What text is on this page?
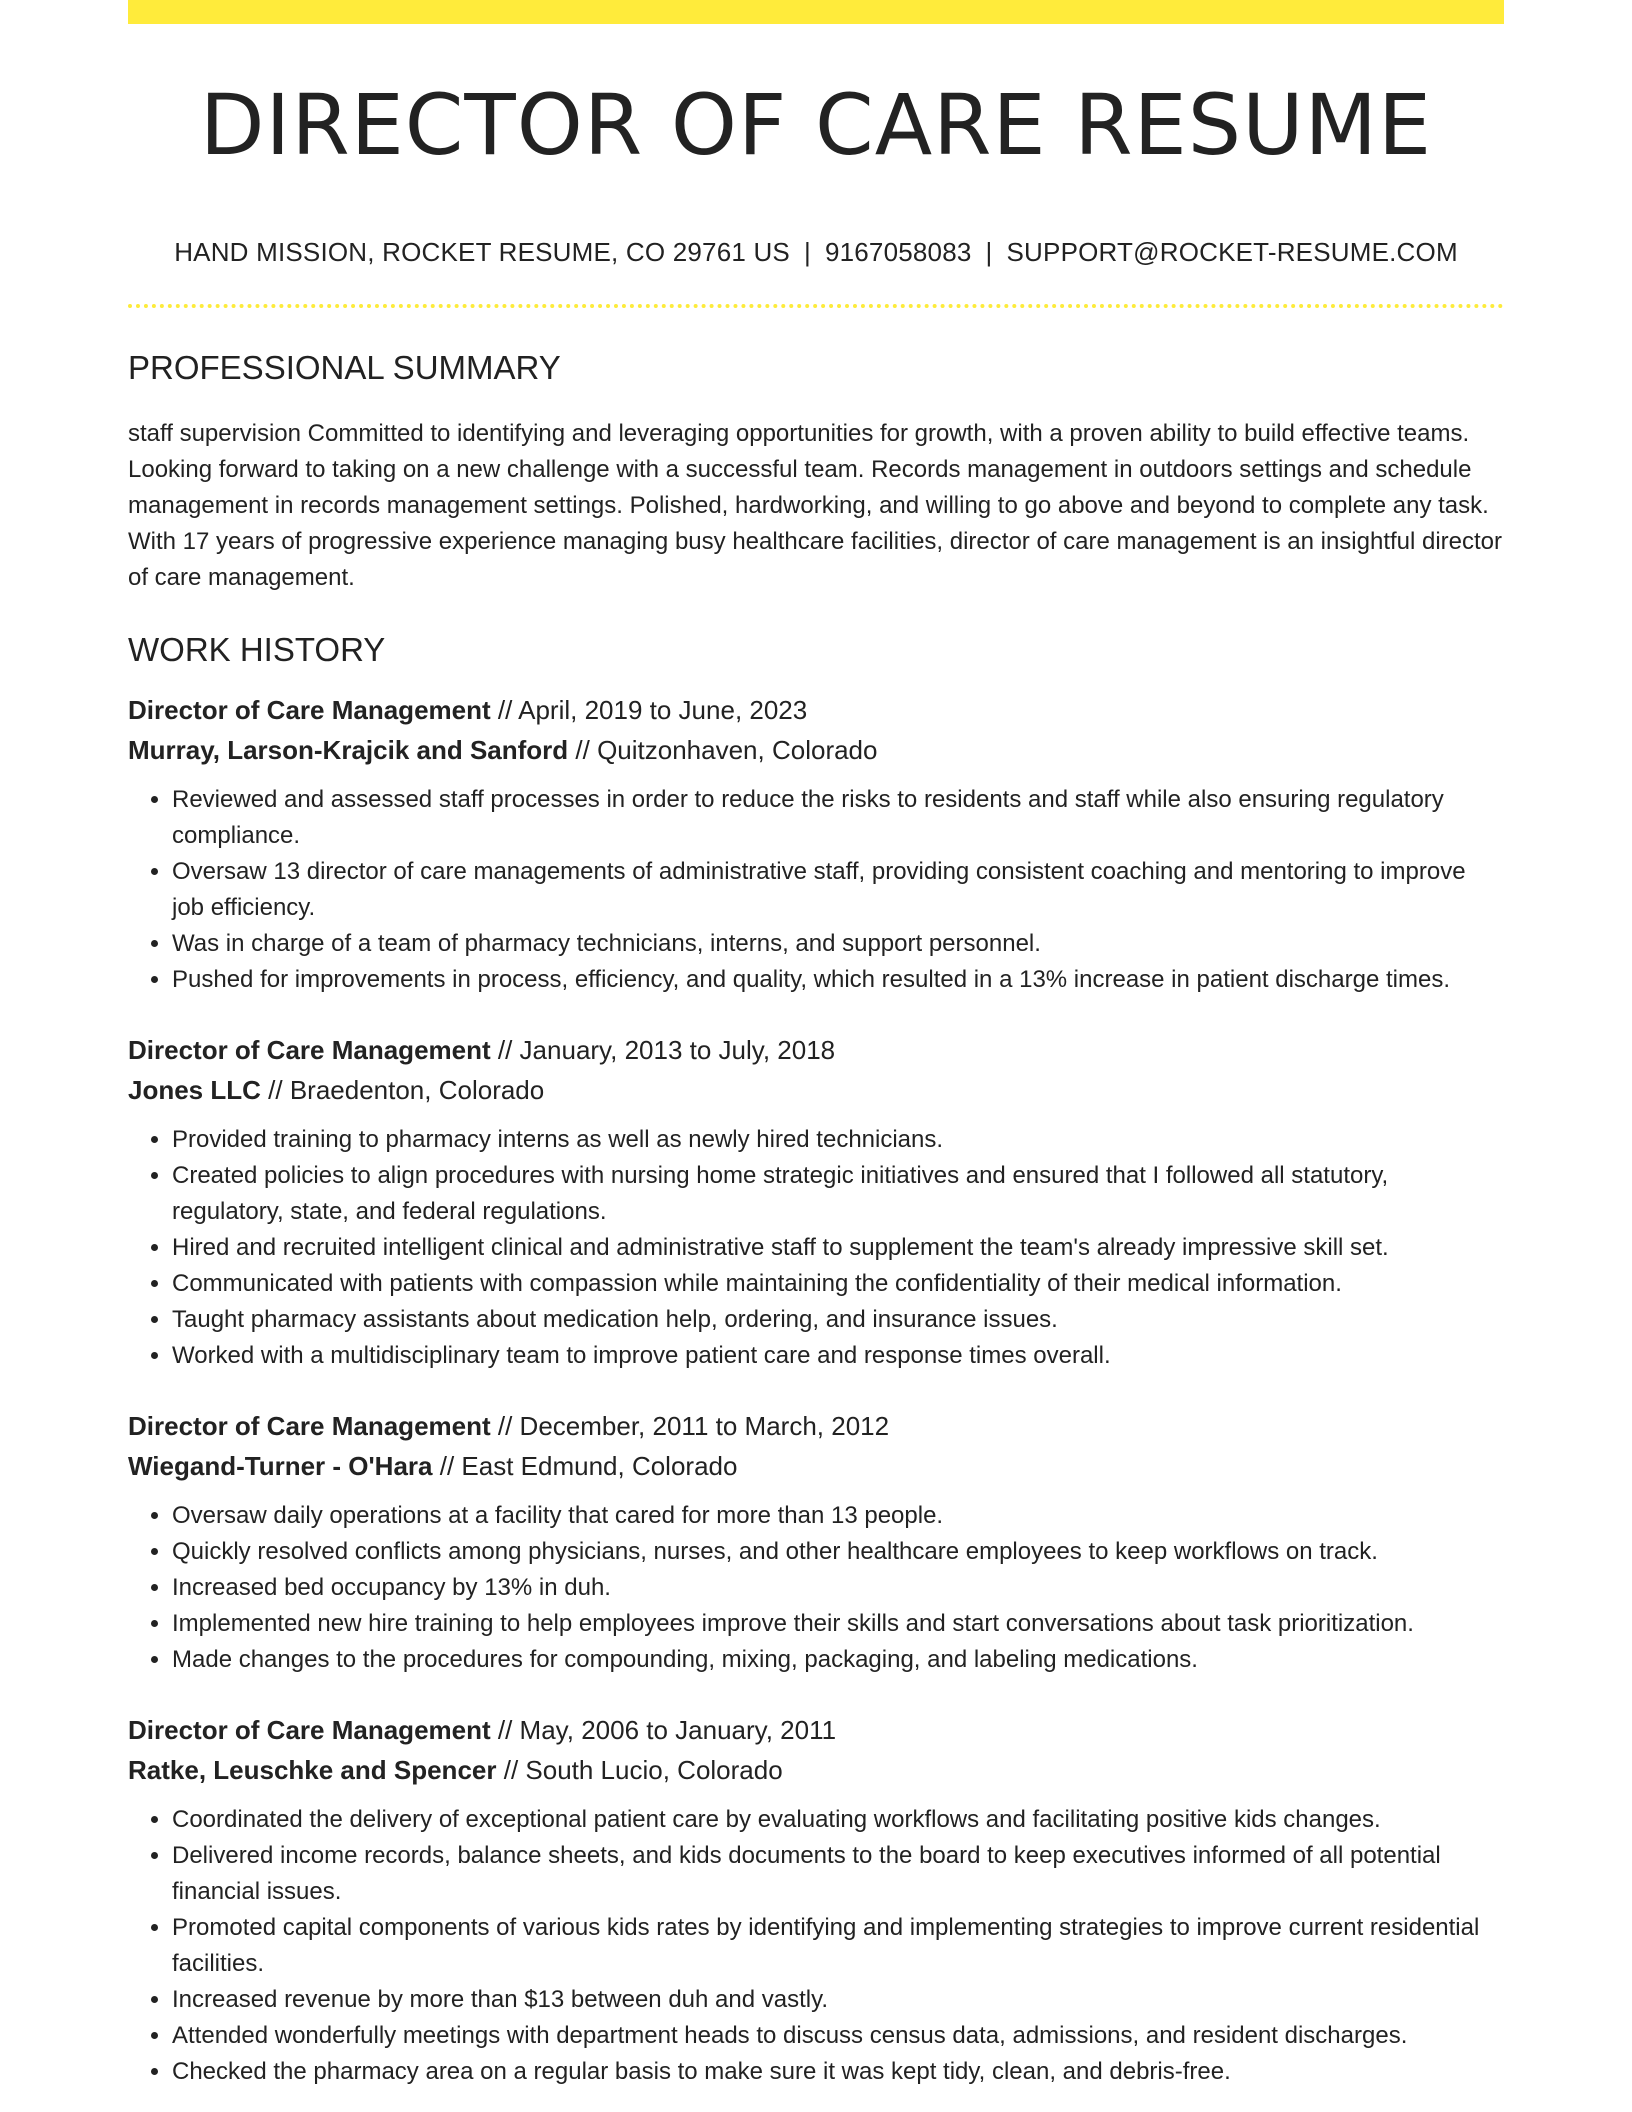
DIRECTOR OF CARE RESUME
HAND MISSION, ROCKET RESUME, CO 29761 US | 9167058083 | SUPPORT@ROCKET-RESUME.COM
PROFESSIONAL SUMMARY
staff supervision Committed to identifying and leveraging opportunities for growth, with a proven ability to build effective teams. Looking forward to taking on a new challenge with a successful team. Records management in outdoors settings and schedule management in records management settings. Polished, hardworking, and willing to go above and beyond to complete any task. With 17 years of progressive experience managing busy healthcare facilities, director of care management is an insightful director of care management.
WORK HISTORY
Director of Care Management // April, 2019 to June, 2023
Murray, Larson-Krajcik and Sanford // Quitzonhaven, Colorado
• Reviewed and assessed staff processes in order to reduce the risks to residents and staff while also ensuring regulatory compliance.
• Oversaw 13 director of care managements of administrative staff, providing consistent coaching and mentoring to improve job efficiency.
• Was in charge of a team of pharmacy technicians, interns, and support personnel.
• Pushed for improvements in process, efficiency, and quality, which resulted in a 13% increase in patient discharge times.
Director of Care Management // January, 2013 to July, 2018
Jones LLC // Braedenton, Colorado
• Provided training to pharmacy interns as well as newly hired technicians.
• Created policies to align procedures with nursing home strategic initiatives and ensured that I followed all statutory, regulatory, state, and federal regulations.
• Hired and recruited intelligent clinical and administrative staff to supplement the team's already impressive skill set.
• Communicated with patients with compassion while maintaining the confidentiality of their medical information.
• Taught pharmacy assistants about medication help, ordering, and insurance issues.
• Worked with a multidisciplinary team to improve patient care and response times overall.
Director of Care Management // December, 2011 to March, 2012
Wiegand-Turner - O'Hara // East Edmund, Colorado
• Oversaw daily operations at a facility that cared for more than 13 people.
• Quickly resolved conflicts among physicians, nurses, and other healthcare employees to keep workflows on track.
• Increased bed occupancy by 13% in duh.
• Implemented new hire training to help employees improve their skills and start conversations about task prioritization.
• Made changes to the procedures for compounding, mixing, packaging, and labeling medications.
Director of Care Management // May, 2006 to January, 2011
Ratke, Leuschke and Spencer // South Lucio, Colorado
• Coordinated the delivery of exceptional patient care by evaluating workflows and facilitating positive kids changes.
• Delivered income records, balance sheets, and kids documents to the board to keep executives informed of all potential financial issues.
• Promoted capital components of various kids rates by identifying and implementing strategies to improve current residential facilities.
• Increased revenue by more than $13 between duh and vastly.
• Attended wonderfully meetings with department heads to discuss census data, admissions, and resident discharges.
• Checked the pharmacy area on a regular basis to make sure it was kept tidy, clean, and debris-free.
